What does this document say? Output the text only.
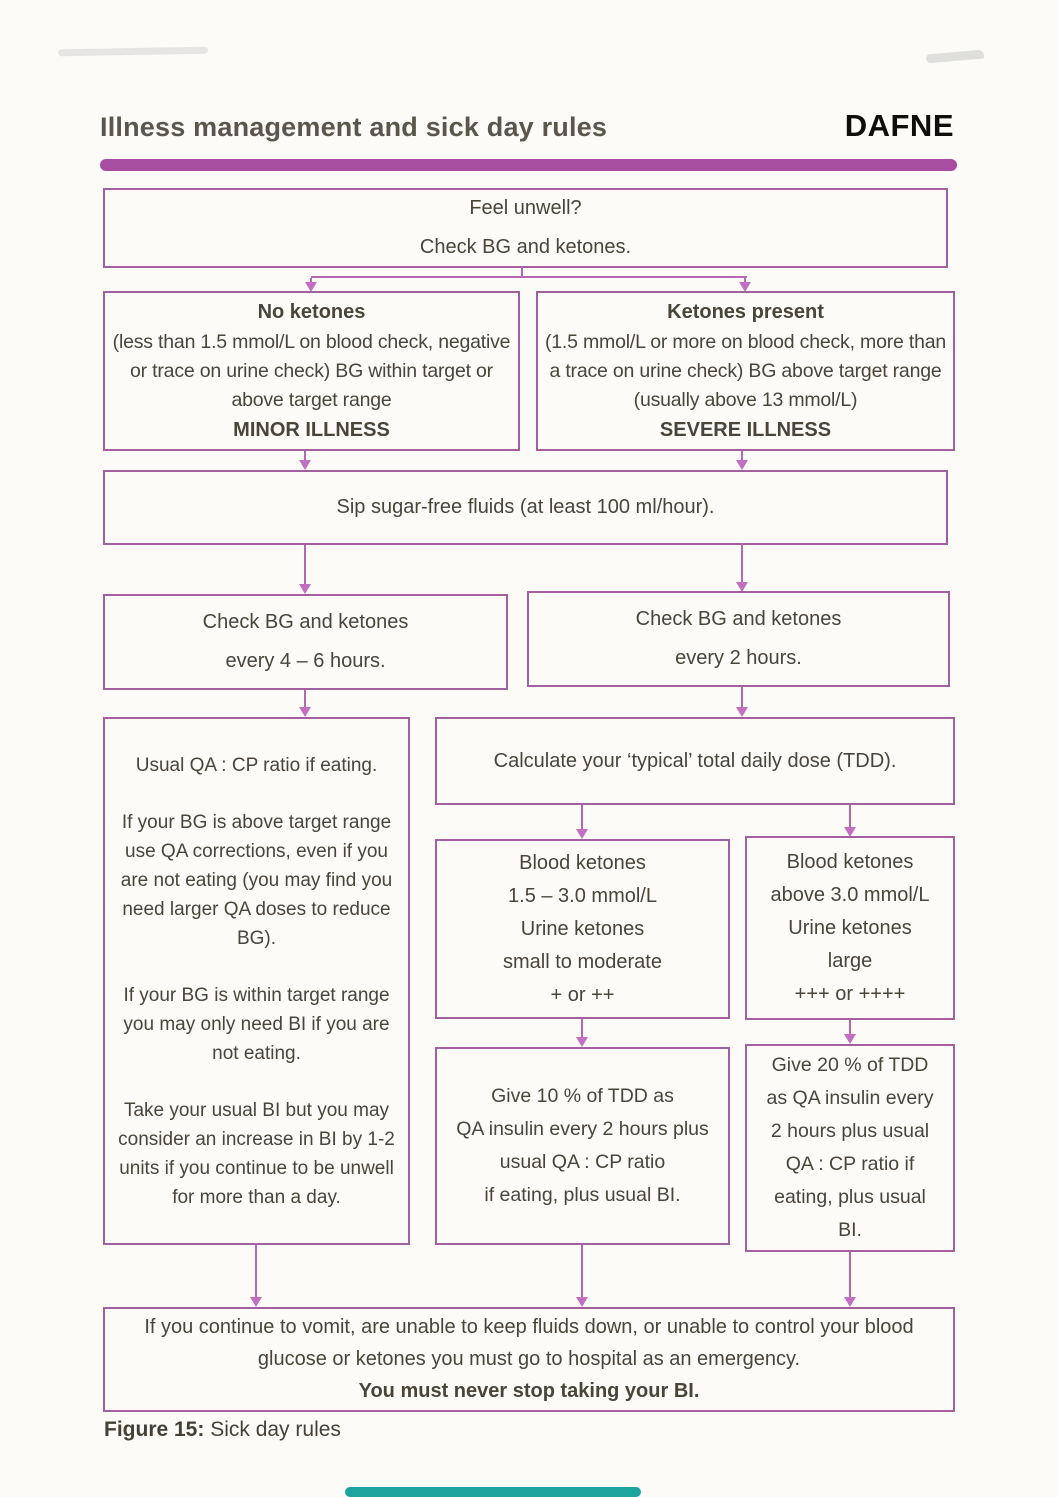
Illness management and sick day rules	DAFNE

Feel unwell?

Check BG and ketones.

No ketones

(less than 1.5 mmol/L on blood check, negative or trace on urine check) BG within target or above target range

MINOR ILLNESS

Ketones present

(1.5 mmol/L or more on blood check, more than a trace on urine check) BG above target range (usually above 13 mmol/L)

SEVERE ILLNESS

Sip sugar-free fluids (at least 100 ml/hour).

Check BG and ketones

every 4 – 6 hours.

Check BG and ketones

every 2 hours.

Usual QA : CP ratio if eating.

If your BG is above target range use QA corrections, even if you are not eating (you may find you need larger QA doses to reduce BG).

If your BG is within target range you may only need BI if you are not eating.

Take your usual BI but you may consider an increase in BI by 1-2 units if you continue to be unwell for more than a day.

Calculate your ‘typical’ total daily dose (TDD).

Blood ketones

1.5 – 3.0 mmol/L

Urine ketones

small to moderate

+ or ++

Blood ketones

above 3.0 mmol/L

Urine ketones

large

+++ or ++++

Give 10 % of TDD as

QA insulin every 2 hours plus

usual QA : CP ratio

if eating, plus usual BI.

Give 20 % of TDD

as QA insulin every

2 hours plus usual

QA : CP ratio if

eating, plus usual

BI.

If you continue to vomit, are unable to keep fluids down, or unable to control your blood glucose or ketones you must go to hospital as an emergency.

You must never stop taking your BI.

Figure 15: Sick day rules
